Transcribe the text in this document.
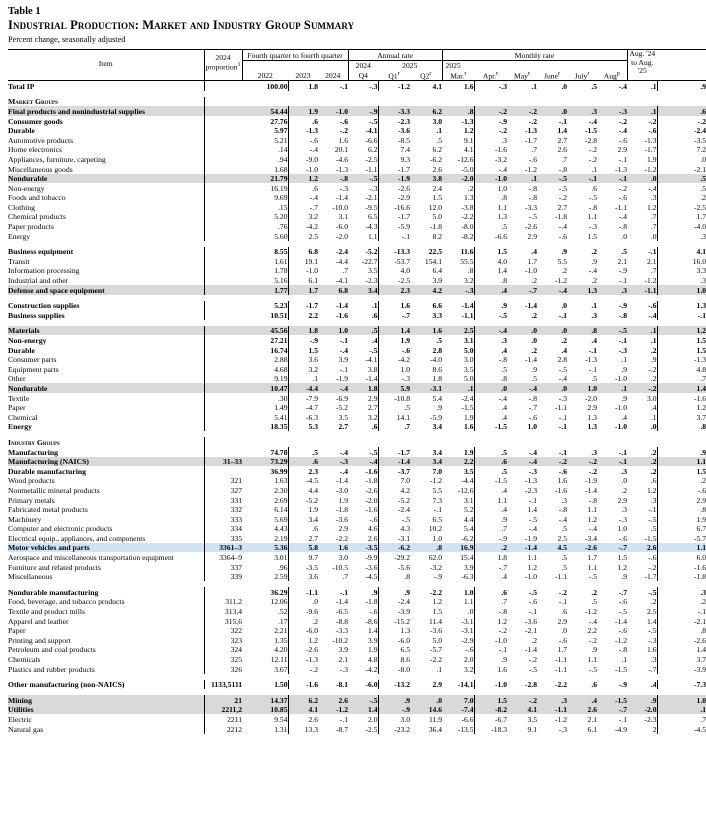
Table 1
Industrial Production: Market and Industry Group Summary
Percent change, seasonally adjusted
Item	2024 proportion$^1$	Fourth quarter to fourth quarter			Annual rate			Monthly rate						Aug. '24 to Aug. '25	
					2024	2025		2025							
		2022	2023	2024	Q4	Q1$^r$	Q2$^r$	Mar.$^r$	Apr.$^r$	May$^r$	June$^r$	July$^r$	Aug$^p$
Total IP		100.00	1.8	-.1	-.3	-1.2	4.1	1.6	-.3	.1	.0	.5	-.4	.1	.9

Market Groups															
Final products and nonindustrial supplies		54.44	1.9	-1.0	-.9	-3.3	6.2	.8	-.2	-.2	.0	.3	-.3	.1	.6
Consumer goods		27.76	.6	-.6	-.5	-2.3	3.0	-1.3	-.9	-.2	-.1	-.4	-.2	-.2	-.2
Durable		5.97	-1.3	-.2	-4.1	-3.6	.1	1.2	-.2	-1.3	1.4	-1.5	-.4	-.6	-2.4
Automotive products		5.21	-.6	1.6	-6.6	-8.5	.5	9.1	.3	-1.7	2.7	-2.8	-.6	-1.3	-3.5
Home electronics		.14	-.4	20.1	6.2	7.4	6.2	4.1	-1.6	.7	2.6	-.2	2.9	-1.7	7.2
Appliances, furniture, carpeting		.94	-9.0	-4.6	-2.5	9.3	-6.2	-12.6	-3.2	-.6	.7	-.2	-.1	1.9	.0
Miscellaneous goods		1.68	-1.0	-1.3	-1.1	-1.7	2.6	-5.0	-.4	-1.2	-.8	.1	-1.3	-1.2	-2.1
Nondurable		21.79	1.2	-.8	-.5	-1.9	3.8	-2.0	-1.0	.1	-.5	-.1	-.1	.0	.5
Non-energy		16.19	.6	-.3	-.3	-2.6	2.4	.2	1.0	-.8	-.5	.6	-.2	-.4	.5
Foods and tobacco		9.69	-.4	-1.4	-2.1	-2.9	1.5	1.3	.8	-.8	-.2	-.5	-.6	.3	.2
Clothing		.15	-.7	-10.0	-9.5	-16.6	12.0	-3.8	1.1	-3.3	2.7	-.8	-1.1	1.2	-2.5
Chemical products		5.20	3.2	3.1	6.5	-1.7	5.0	-2.2	1.3	-.5	-1.8	1.1	-.4	.7	1.7
Paper products		.76	-4.2	-6.0	-4.3	-5.9	-1.8	-8.0	.5	-2.6	-.4	-.3	-.8	.7	-4.0
Energy		5.60	2.5	-2.0	1.1	-.1	8.2	-8.2	-6.6	2.9	-.6	1.5	.0	.0	.3

Business equipment		8.55	6.8	-2.4	-5.2	-13.3	22.5	11.6	1.5	.4	.9	.2	.5	-.1	4.1
Transit		1.61	19.1	-4.4	-22.7	-53.7	154.1	55.5	4.0	1.7	5.5	.9	2.1	2.1	16.0
Information processing		1.78	-1.0	.7	3.5	4.0	6.4	.8	1.4	-1.0	.2	-.4	-.9	.7	3.3
Industrial and other		5.16	6.1	-4.1	-2.3	-2.5	3.9	3.2	.8	.2	-1.2	.2	-.1	-1.2	.3
Defense and space equipment		1.77	1.7	6.8	3.4	2.3	4.2	-.3	.4	-.7	-.4	1.3	.3	-1.1	1.0

Construction supplies		5.23	-1.7	-1.4	.1	1.6	6.6	-1.4	.9	-1.4	.0	.1	-.9	-.6	1.3
Business supplies		10.51	2.2	-1.6	.6	-.7	3.3	-1.1	-.5	.2	-.1	.3	-.8	-.4	-.1

Materials		45.56	1.8	1.0	.5	1.4	1.6	2.5	-.4	.0	.0	.8	-.5	.1	1.2
Non-energy		27.21	-.9	-.1	.4	1.9	.5	3.1	.3	.0	.2	.4	-.1	.1	1.5
Durable		16.74	1.5	-.4	-.5	-.6	2.8	5.0	.4	.2	.4	-.1	-.3	.2	1.5
Consumer parts		2.88	3.6	3.9	-4.1	-4.2	-4.0	3.0	-.8	-1.4	2.8	-1.3	.1	.9	-1.3
Equipment parts		4.68	3.2	-.1	3.8	1.0	8.6	3.5	.5	.9	-.5	-.1	.9	-.2	4.8
Other		9.19	.1	-1.9	-1.4	-.3	1.8	5.0	.8	.5	-.4	.5	-1.0	.2	.7
Nondurable		10.47	-4.4	-.4	1.8	5.9	-3.1	.1	.0	-.4	.0	1.0	.1	-.2	1.4
Textile		.30	-7.9	-6.9	2.9	-10.8	5.4	-2.4	-.4	-.8	-.3	-2.0	.9	3.0	-1.6
Paper		1.49	-4.7	-5.2	2.7	.5	.9	-1.5	.4	-.7	-1.1	2.9	-1.0	.4	1.2
Chemical		5.41	-6.3	3.5	3.2	14.1	-5.9	1.9	.4	-.6	-.1	1.3	.4	.1	3.7
Energy		18.35	5.3	2.7	.6	.7	3.4	1.6	-1.5	1.0	-.1	1.3	-1.0	.0	.8

Industry Groups															
Manufacturing		74.78	.5	-.4	-.5	-1.7	3.4	1.9	.5	-.4	-.1	.3	-.1	.2	.9
Manufacturing (NAICS)	31–33	73.29	.6	-.3	-.4	-1.4	3.4	2.2	.6	-.4	-.2	-.2	-.1	.2	1.1
Durable manufacturing		36.99	2.3	-.4	-1.6	-3.7	7.0	3.5	.5	-.3	-.6	-.2	.3	.2	1.5
Wood products	321	1.63	-4.5	-1.4	-1.8	7.0	-1.2	-4.4	-1.5	-1.3	1.6	-1.9	.0	.6	.2
Nonmetallic mineral products	327	2.30	4.4	-3.0	-2.6	4.2	5.5	-12.6	.4	-2.3	-1.6	-1.4	.2	1.2	-.6
Primary metals	331	2.69	-5.2	1.9	-2.0	-5.2	7.3	3.1	1.1	-.1	.3	-.8	2.9	.3	2.9
Fabricated metal products	332	6.14	1.9	-1.8	-1.6	-2.4	-.1	5.2	.4	1.4	-.8	1.1	.3	-.1	.8
Machinery	333	5.69	3.4	-3.6	-.6	-.5	6.5	4.4	.9	-.5	-.4	1.2	-.3	-.5	1.9
Computer and electronic products	334	4.43	.6	2.9	4.6	4.3	10.2	5.4	.7	-.4	.5	-.4	1.0	.5	6.7
Electrical equip., appliances, and components	335	2.19	2.7	-2.2	2.6	-3.1	1.0	-6.2	-.9	-1.9	2.5	-3.4	-.6	-1.5	-5.7
Motor vehicles and parts	3361–3	5.36	5.8	1.6	-3.5	-6.2	.8	16.9	.2	-1.4	4.5	-2.6	-.7	2.6	1.1
Aerospace and miscellaneous transportation equipment	3364–9	3.01	9.7	3.0	-9.9	-29.2	62.0	15.4	1.8	1.1	.5	1.7	1.5	-.6	6.0
Furniture and related products	337	.96	-3.5	-10.5	-3.6	-5.6	-3.2	3.9	-.7	1.2	.5	1.1	1.2	-.2	-1.6
Miscellaneous	339	2.59	3.6	.7	-4.5	.8	-.9	-6.3	.4	-1.0	-1.1	-.5	.9	-1.7	-1.8

Nondurable manufacturing		36.29	-1.1	-.1	.9	.9	-2.2	1.0	.6	-.5	-.2	.2	-.7	-.5	.3
Food, beverage, and tobacco products	311,2	12.06	.0	-1.4	-1.8	-2.4	1.2	1.1	.7	-.6	-.1	.5	-.6	.2	.2
Textile and product mills	313,4	.52	-9.6	-6.5	-.6	-3.9	1.5	.0	-.8	-.1	.6	-1.2	-.5	2.5	-.1
Apparel and leather	315,6	.17	.2	-8.8	-8.6	-15.2	11.4	-3.1	1.2	-3.6	2.9	-.4	-1.4	1.4	-2.1
Paper	322	2.21	-6.0	-3.3	1.4	1.3	-3.6	-3.1	-.2	-2.1	.0	2.2	-.6	-.5	.8
Printing and support	323	1.35	1.2	-10.2	3.9	-6.0	5.0	-2.9	-1.0	.2	-.6	-.2	-1.2	-.3	-2.6
Petroleum and coal products	324	4.20	-2.6	3.9	1.9	6.5	-5.7	-.6	-.1	-1.4	1.7	.9	-.8	1.6	1.4
Chemicals	325	12.11	-1.3	2.1	4.8	8.6	-2.2	2.0	.9	-.2	-1.1	1.1	.1	.3	3.7
Plastics and rubber products	326	3.67	-.2	-.3	-4.2	-8.0	.1	3.2	1.6	-.5	-1.1	-.5	-1.5	-.7	-3.9

Other manufacturing (non-NAICS)	1133,5111	1.50	-1.6	-8.1	-6.0	-13.2	2.9	-14.1	-1.0	-2.8	-2.2	.6	-.9	.4	-7.3

Mining	21	14.37	6.2	2.6	-.5	.9	.0	7.0	1.5	-.2	.3	.4	-1.5	.9	1.0
Utilities	2211,2	10.85	4.1	-1.2	1.4	-.9	14.6	-7.4	-8.2	4.1	-1.1	2.6	-.7	-2.0	.1
Electric	2211	9.54	2.6	-.1	2.0	3.0	11.9	-6.6	-6.7	3.5	-1.2	2.1	-.1	-2.3	.7
Natural gas	2212	1.31	13.3	-8.7	-2.5	-23.2	36.4	-13.5	-18.3	9.1	-.3	6.1	-4.9	2	-4.5
